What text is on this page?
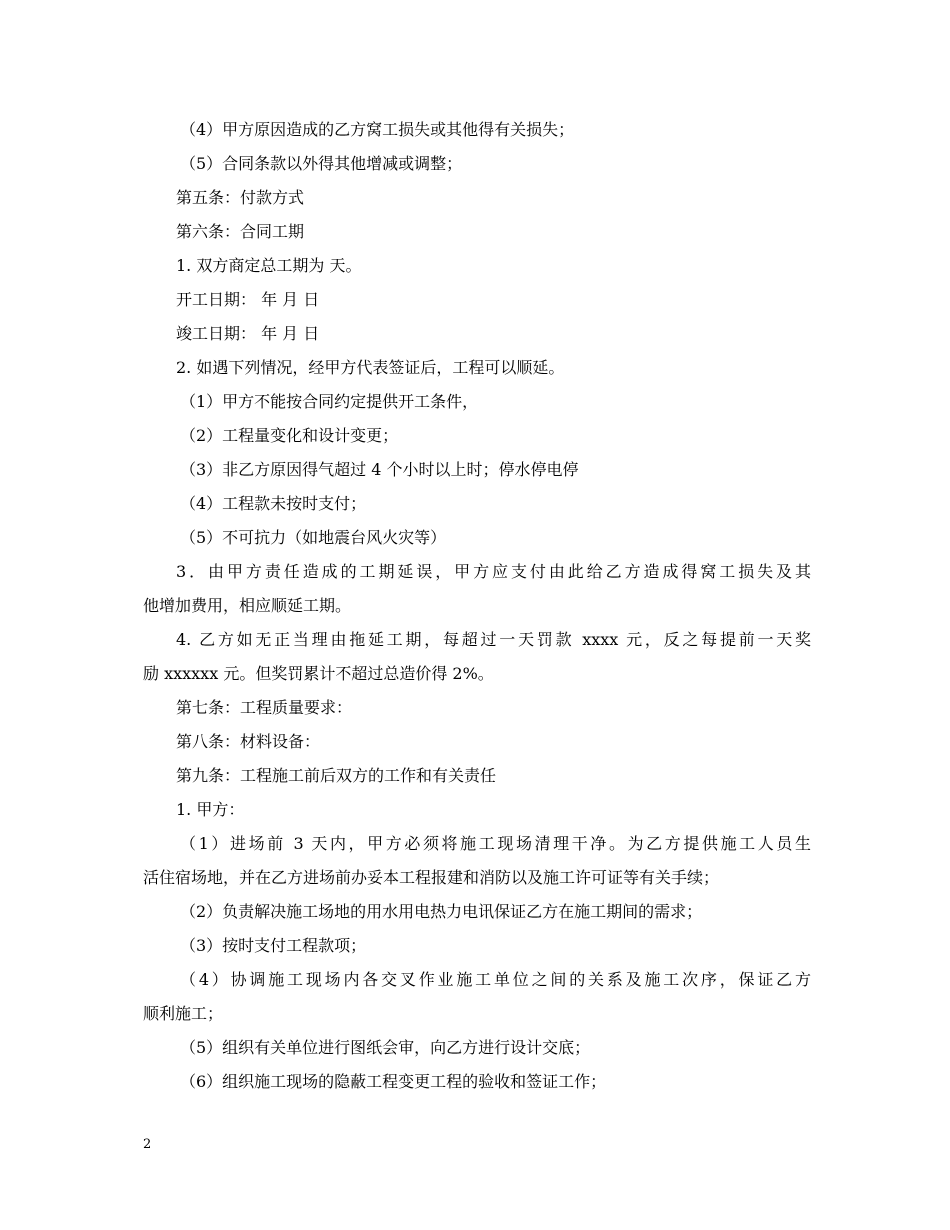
（4）甲方原因造成的乙方窝工损失或其他得有关损失；
（5）合同条款以外得其他增减或调整；
第五条：付款方式
第六条：合同工期
1. 双方商定总工期为 天。
开工日期： 年 月 日
竣工日期： 年 月 日
2. 如遇下列情况，经甲方代表签证后，工程可以顺延。
（1）甲方不能按合同约定提供开工条件，
（2）工程量变化和设计变更；
（3）非乙方原因得气超过 4 个小时以上时；停水停电停
（4）工程款未按时支付；
（5）不可抗力（如地震台风火灾等）
3．由甲方责任造成的工期延误，甲方应支付由此给乙方造成得窝工损失及其
他增加费用，相应顺延工期。
4. 乙方如无正当理由拖延工期，每超过一天罚款 xxxx 元，反之每提前一天奖
励 xxxxxx 元。但奖罚累计不超过总造价得 2%。
第七条：工程质量要求：
第八条：材料设备：
第九条：工程施工前后双方的工作和有关责任
1. 甲方：
（1）进场前 3 天内，甲方必须将施工现场清理干净。为乙方提供施工人员生
活住宿场地，并在乙方进场前办妥本工程报建和消防以及施工许可证等有关手续；
（2）负责解决施工场地的用水用电热力电讯保证乙方在施工期间的需求；
（3）按时支付工程款项；
（4）协调施工现场内各交叉作业施工单位之间的关系及施工次序，保证乙方
顺利施工；
（5）组织有关单位进行图纸会审，向乙方进行设计交底；
（6）组织施工现场的隐蔽工程变更工程的验收和签证工作；
2
